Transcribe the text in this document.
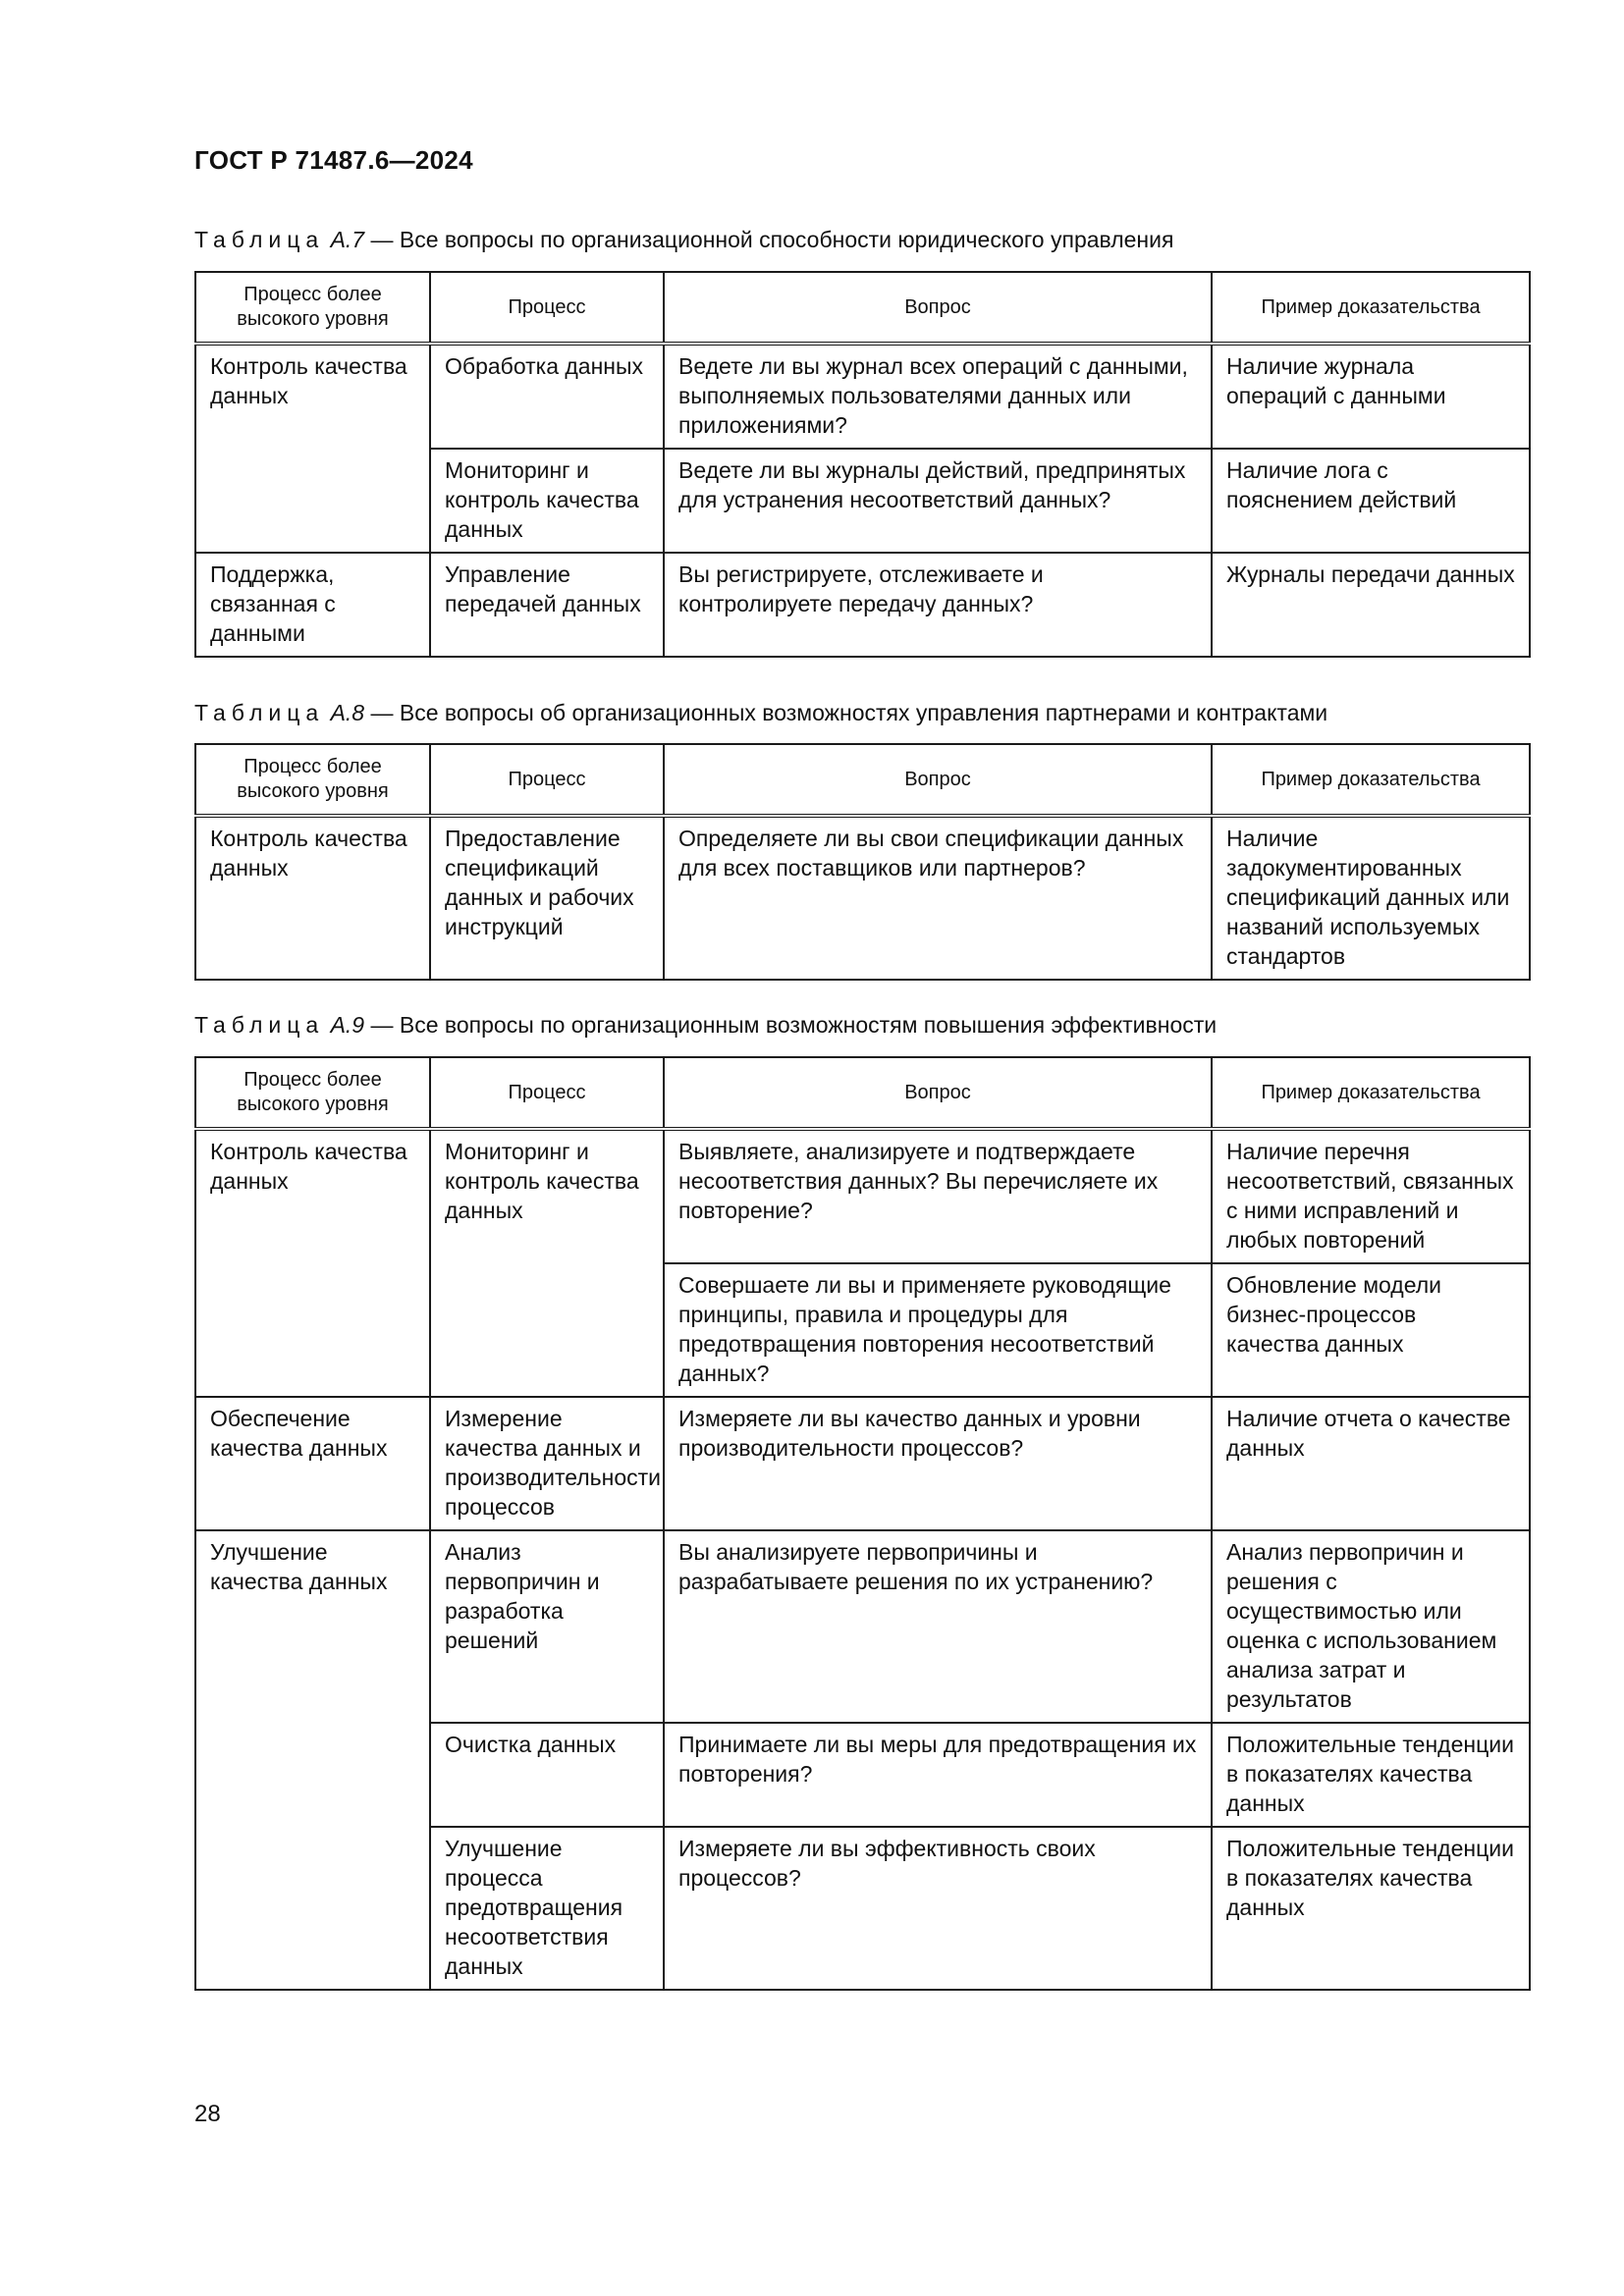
ГОСТ Р 71487.6—2024
Таблица А.7 — Все вопросы по организационной способности юридического управления
Процесс более высокого уровня	Процесс	Вопрос	Пример доказательства
Контроль качества данных	Обработка данных	Ведете ли вы журнал всех операций с данными, выполняемых пользователями данных или приложениями?	Наличие журнала операций с данными
	Мониторинг и контроль качества данных	Ведете ли вы журналы действий, предпринятых для устранения несоответствий данных?	Наличие лога с пояснением действий
Поддержка, связанная с данными	Управление передачей данных	Вы регистрируете, отслеживаете и контролируете передачу данных?	Журналы передачи данных
Таблица А.8 — Все вопросы об организационных возможностях управления партнерами и контрактами
Процесс более высокого уровня	Процесс	Вопрос	Пример доказательства
Контроль качества данных	Предоставление спецификаций данных и рабочих инструкций	Определяете ли вы свои спецификации данных для всех поставщиков или партнеров?	Наличие задокументированных спецификаций данных или названий используемых стандартов
Таблица А.9 — Все вопросы по организационным возможностям повышения эффективности
Процесс более высокого уровня	Процесс	Вопрос	Пример доказательства
Контроль качества данных	Мониторинг и контроль качества данных	Выявляете, анализируете и подтверждаете несоответствия данных? Вы перечисляете их повторение?	Наличие перечня несоответствий, связанных с ними исправлений и любых повторений
		Совершаете ли вы и применяете руководящие принципы, правила и процедуры для предотвращения повторения несоответствий данных?	Обновление модели бизнес-процессов качества данных
Обеспечение качества данных	Измерение качества данных и производительности процессов	Измеряете ли вы качество данных и уровни производительности процессов?	Наличие отчета о качестве данных
Улучшение качества данных	Анализ первопричин и разработка решений	Вы анализируете первопричины и разрабатываете решения по их устранению?	Анализ первопричин и решения с осуществимостью или оценка с использованием анализа затрат и результатов
	Очистка данных	Принимаете ли вы меры для предотвращения их повторения?	Положительные тенденции в показателях качества данных
	Улучшение процесса предотвращения несоответствия данных	Измеряете ли вы эффективность своих процессов?	Положительные тенденции в показателях качества данных
28
